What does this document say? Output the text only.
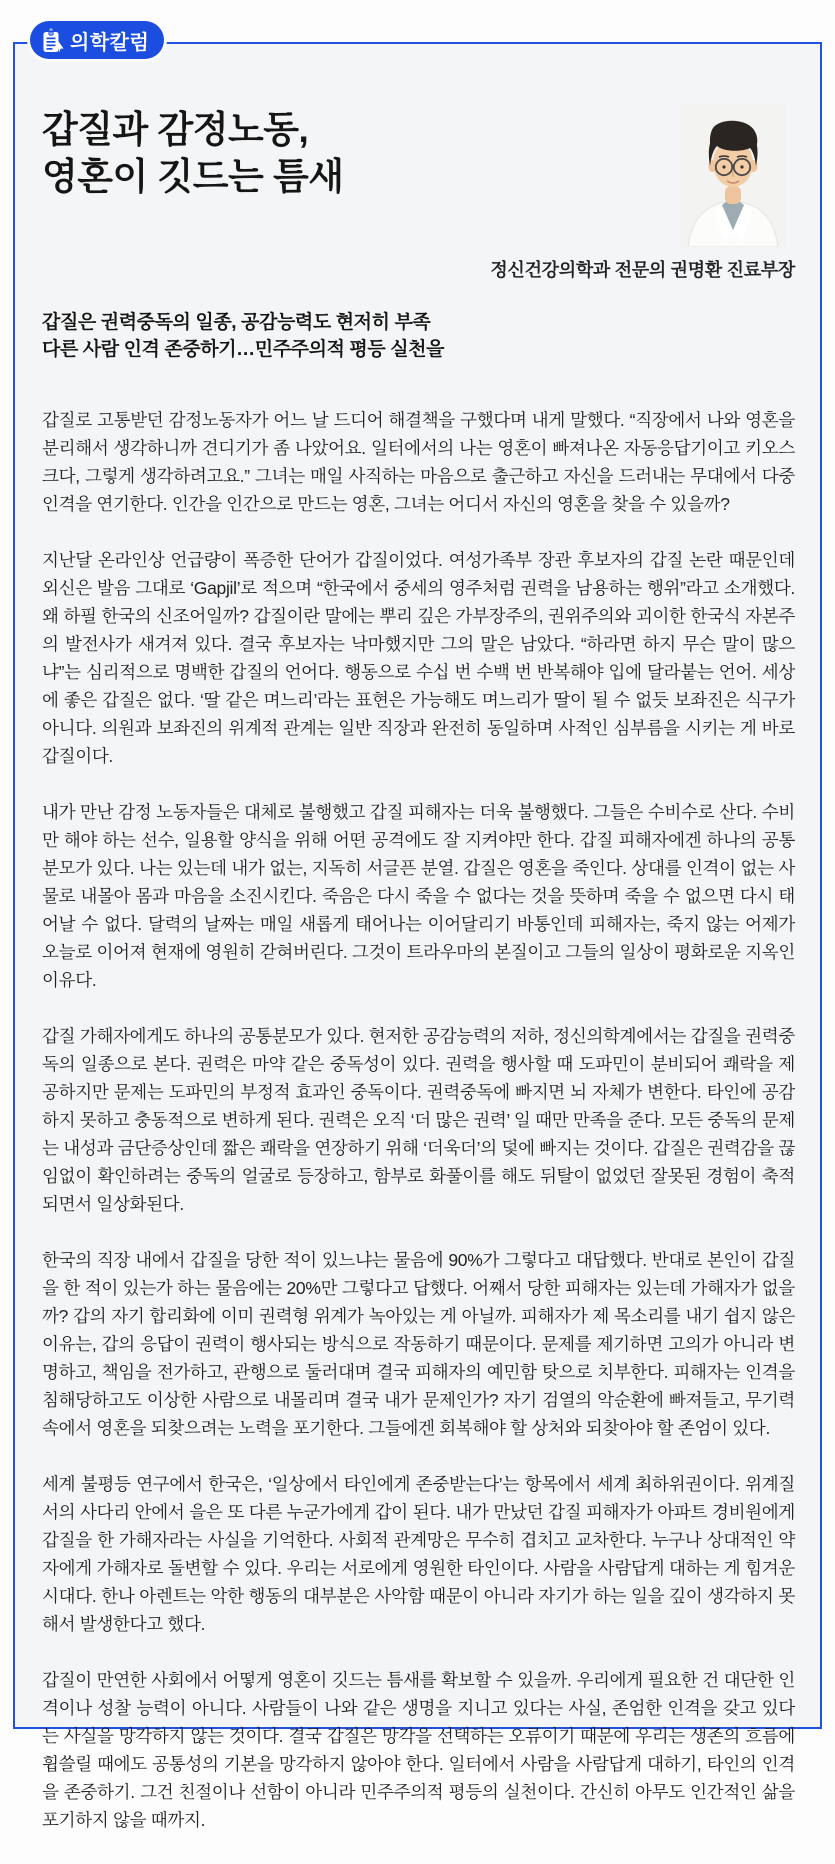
의학칼럼
갑질과 감정노동,
영혼이 깃드는 틈새
정신건강의학과 전문의 권명환 진료부장
갑질은 권력중독의 일종, 공감능력도 현저히 부족
다른 사람 인격 존중하기…민주주의적 평등 실천을

갑질로 고통받던 감정노동자가 어느 날 드디어 해결책을 구했다며 내게 말했다. “직장에서 나와 영혼을 분리해서 생각하니까 견디기가 좀 나았어요. 일터에서의 나는 영혼이 빠져나온 자동응답기이고 키오스크다, 그렇게 생각하려고요.” 그녀는 매일 사직하는 마음으로 출근하고 자신을 드러내는 무대에서 다중인격을 연기한다. 인간을 인간으로 만드는 영혼, 그녀는 어디서 자신의 영혼을 찾을 수 있을까?

지난달 온라인상 언급량이 폭증한 단어가 갑질이었다. 여성가족부 장관 후보자의 갑질 논란 때문인데 외신은 발음 그대로 ‘Gapjil’로 적으며 “한국에서 중세의 영주처럼 권력을 남용하는 행위”라고 소개했다. 왜 하필 한국의 신조어일까? 갑질이란 말에는 뿌리 깊은 가부장주의, 권위주의와 괴이한 한국식 자본주의 발전사가 새겨져 있다. 결국 후보자는 낙마했지만 그의 말은 남았다. “하라면 하지 무슨 말이 많으냐”는 심리적으로 명백한 갑질의 언어다. 행동으로 수십 번 수백 번 반복해야 입에 달라붙는 언어. 세상에 좋은 갑질은 없다. ‘딸 같은 며느리’라는 표현은 가능해도 며느리가 딸이 될 수 없듯 보좌진은 식구가 아니다. 의원과 보좌진의 위계적 관계는 일반 직장과 완전히 동일하며 사적인 심부름을 시키는 게 바로 갑질이다.

내가 만난 감정 노동자들은 대체로 불행했고 갑질 피해자는 더욱 불행했다. 그들은 수비수로 산다. 수비만 해야 하는 선수, 일용할 양식을 위해 어떤 공격에도 잘 지켜야만 한다. 갑질 피해자에겐 하나의 공통분모가 있다. 나는 있는데 내가 없는, 지독히 서글픈 분열. 갑질은 영혼을 죽인다. 상대를 인격이 없는 사물로 내몰아 몸과 마음을 소진시킨다. 죽음은 다시 죽을 수 없다는 것을 뜻하며 죽을 수 없으면 다시 태어날 수 없다. 달력의 날짜는 매일 새롭게 태어나는 이어달리기 바통인데 피해자는, 죽지 않는 어제가 오늘로 이어져 현재에 영원히 갇혀버린다. 그것이 트라우마의 본질이고 그들의 일상이 평화로운 지옥인 이유다.

갑질 가해자에게도 하나의 공통분모가 있다. 현저한 공감능력의 저하, 정신의학계에서는 갑질을 권력중독의 일종으로 본다. 권력은 마약 같은 중독성이 있다. 권력을 행사할 때 도파민이 분비되어 쾌락을 제공하지만 문제는 도파민의 부정적 효과인 중독이다. 권력중독에 빠지면 뇌 자체가 변한다. 타인에 공감하지 못하고 충동적으로 변하게 된다. 권력은 오직 ‘더 많은 권력’ 일 때만 만족을 준다. 모든 중독의 문제는 내성과 금단증상인데 짧은 쾌락을 연장하기 위해 ‘더욱더’의 덫에 빠지는 것이다. 갑질은 권력감을 끊임없이 확인하려는 중독의 얼굴로 등장하고, 함부로 화풀이를 해도 뒤탈이 없었던 잘못된 경험이 축적되면서 일상화된다.

한국의 직장 내에서 갑질을 당한 적이 있느냐는 물음에 90%가 그렇다고 대답했다. 반대로 본인이 갑질을 한 적이 있는가 하는 물음에는 20%만 그렇다고 답했다. 어째서 당한 피해자는 있는데 가해자가 없을까? 갑의 자기 합리화에 이미 권력형 위계가 녹아있는 게 아닐까. 피해자가 제 목소리를 내기 쉽지 않은 이유는, 갑의 응답이 권력이 행사되는 방식으로 작동하기 때문이다. 문제를 제기하면 고의가 아니라 변명하고, 책임을 전가하고, 관행으로 둘러대며 결국 피해자의 예민함 탓으로 치부한다. 피해자는 인격을 침해당하고도 이상한 사람으로 내몰리며 결국 내가 문제인가? 자기 검열의 악순환에 빠져들고, 무기력 속에서 영혼을 되찾으려는 노력을 포기한다. 그들에겐 회복해야 할 상처와 되찾아야 할 존엄이 있다.

세계 불평등 연구에서 한국은, ‘일상에서 타인에게 존중받는다’는 항목에서 세계 최하위권이다. 위계질서의 사다리 안에서 을은 또 다른 누군가에게 갑이 된다. 내가 만났던 갑질 피해자가 아파트 경비원에게 갑질을 한 가해자라는 사실을 기억한다. 사회적 관계망은 무수히 겹치고 교차한다. 누구나 상대적인 약자에게 가해자로 돌변할 수 있다. 우리는 서로에게 영원한 타인이다. 사람을 사람답게 대하는 게 힘겨운 시대다. 한나 아렌트는 악한 행동의 대부분은 사악함 때문이 아니라 자기가 하는 일을 깊이 생각하지 못해서 발생한다고 했다.

갑질이 만연한 사회에서 어떻게 영혼이 깃드는 틈새를 확보할 수 있을까. 우리에게 필요한 건 대단한 인격이나 성찰 능력이 아니다. 사람들이 나와 같은 생명을 지니고 있다는 사실, 존엄한 인격을 갖고 있다는 사실을 망각하지 않는 것이다. 결국 갑질은 망각을 선택하는 오류이기 때문에 우리는 생존의 흐름에 휩쓸릴 때에도 공통성의 기본을 망각하지 않아야 한다. 일터에서 사람을 사람답게 대하기, 타인의 인격을 존중하기. 그건 친절이나 선함이 아니라 민주주의적 평등의 실천이다. 간신히 아무도 인간적인 삶을 포기하지 않을 때까지.
